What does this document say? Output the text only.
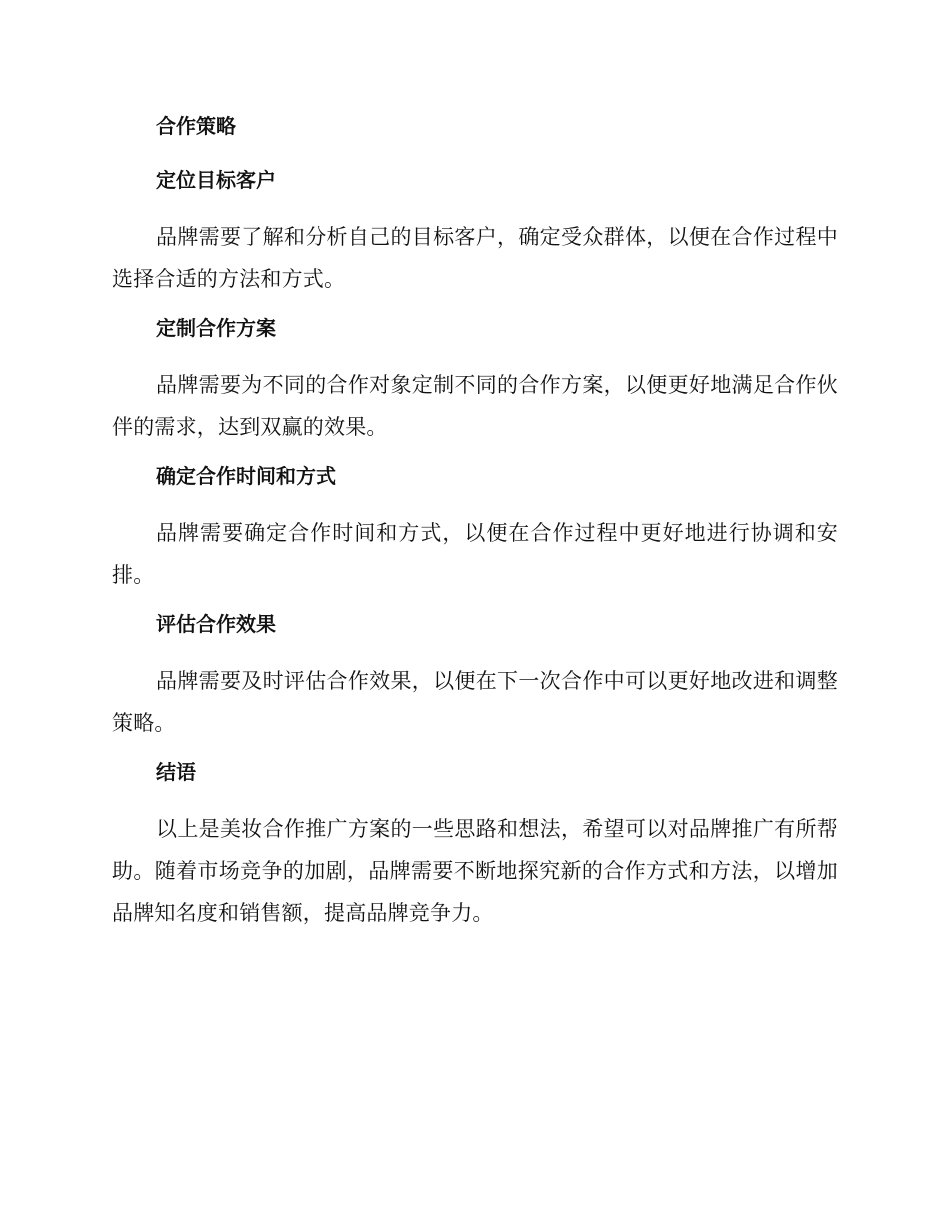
合作策略
定位目标客户

品牌需要了解和分析自己的目标客户，确定受众群体，以便在合作过程中选择合适的方法和方式。

定制合作方案

品牌需要为不同的合作对象定制不同的合作方案，以便更好地满足合作伙伴的需求，达到双赢的效果。

确定合作时间和方式

品牌需要确定合作时间和方式，以便在合作过程中更好地进行协调和安排。

评估合作效果

品牌需要及时评估合作效果，以便在下一次合作中可以更好地改进和调整策略。

结语

以上是美妆合作推广方案的一些思路和想法，希望可以对品牌推广有所帮助。随着市场竞争的加剧，品牌需要不断地探究新的合作方式和方法，以增加品牌知名度和销售额，提高品牌竞争力。
